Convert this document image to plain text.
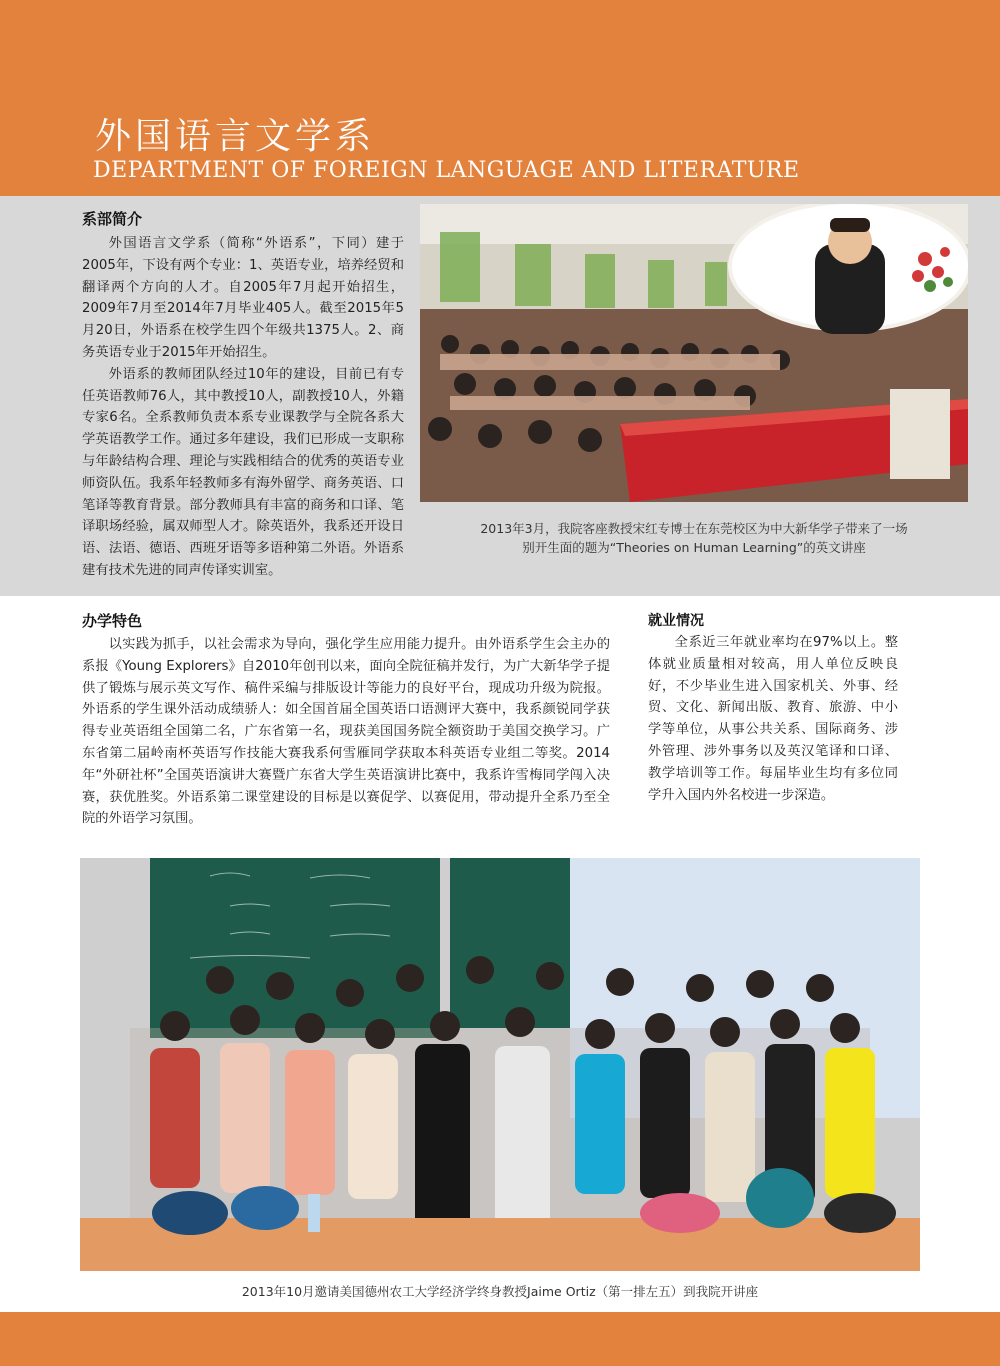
外国语言文学系
DEPARTMENT OF FOREIGN LANGUAGE AND LITERATURE
系部简介

外国语言文学系（简称“外语系”，下同）建于2005年，下设有两个专业：1、英语专业，培养经贸和翻译两个方向的人才。自2005年7月起开始招生，2009年7月至2014年7月毕业405人。截至2015年5月20日，外语系在校学生四个年级共1375人。2、商务英语专业于2015年开始招生。

外语系的教师团队经过10年的建设，目前已有专任英语教师76人，其中教授10人，副教授10人，外籍专家6名。全系教师负责本系专业课教学与全院各系大学英语教学工作。通过多年建设，我们已形成一支职称与年龄结构合理、理论与实践相结合的优秀的英语专业师资队伍。我系年轻教师多有海外留学、商务英语、口笔译等教育背景。部分教师具有丰富的商务和口译、笔译职场经验，属双师型人才。除英语外，我系还开设日语、法语、德语、西班牙语等多语种第二外语。外语系建有技术先进的同声传译实训室。

2013年3月，我院客座教授宋红专博士在东莞校区为中大新华学子带来了一场
别开生面的题为“Theories on Human Learning”的英文讲座
办学特色

以实践为抓手，以社会需求为导向，强化学生应用能力提升。由外语系学生会主办的系报《Young Explorers》自2010年创刊以来，面向全院征稿并发行，为广大新华学子提供了锻炼与展示英文写作、稿件采编与排版设计等能力的良好平台，现成功升级为院报。外语系的学生课外活动成绩骄人：如全国首届全国英语口语测评大赛中，我系颜锐同学获得专业英语组全国第二名，广东省第一名，现获美国国务院全额资助于美国交换学习。广东省第二届岭南杯英语写作技能大赛我系何雪雁同学获取本科英语专业组二等奖。2014年“外研社杯”全国英语演讲大赛暨广东省大学生英语演讲比赛中，我系许雪梅同学闯入决赛，获优胜奖。外语系第二课堂建设的目标是以赛促学、以赛促用，带动提升全系乃至全院的外语学习氛围。

就业情况

全系近三年就业率均在97%以上。整体就业质量相对较高，用人单位反映良好，不少毕业生进入国家机关、外事、经贸、文化、新闻出版、教育、旅游、中小学等单位，从事公共关系、国际商务、涉外管理、涉外事务以及英汉笔译和口译、教学培训等工作。每届毕业生均有多位同学升入国内外名校进一步深造。

2013年10月邀请美国德州农工大学经济学终身教授Jaime Ortiz（第一排左五）到我院开讲座
